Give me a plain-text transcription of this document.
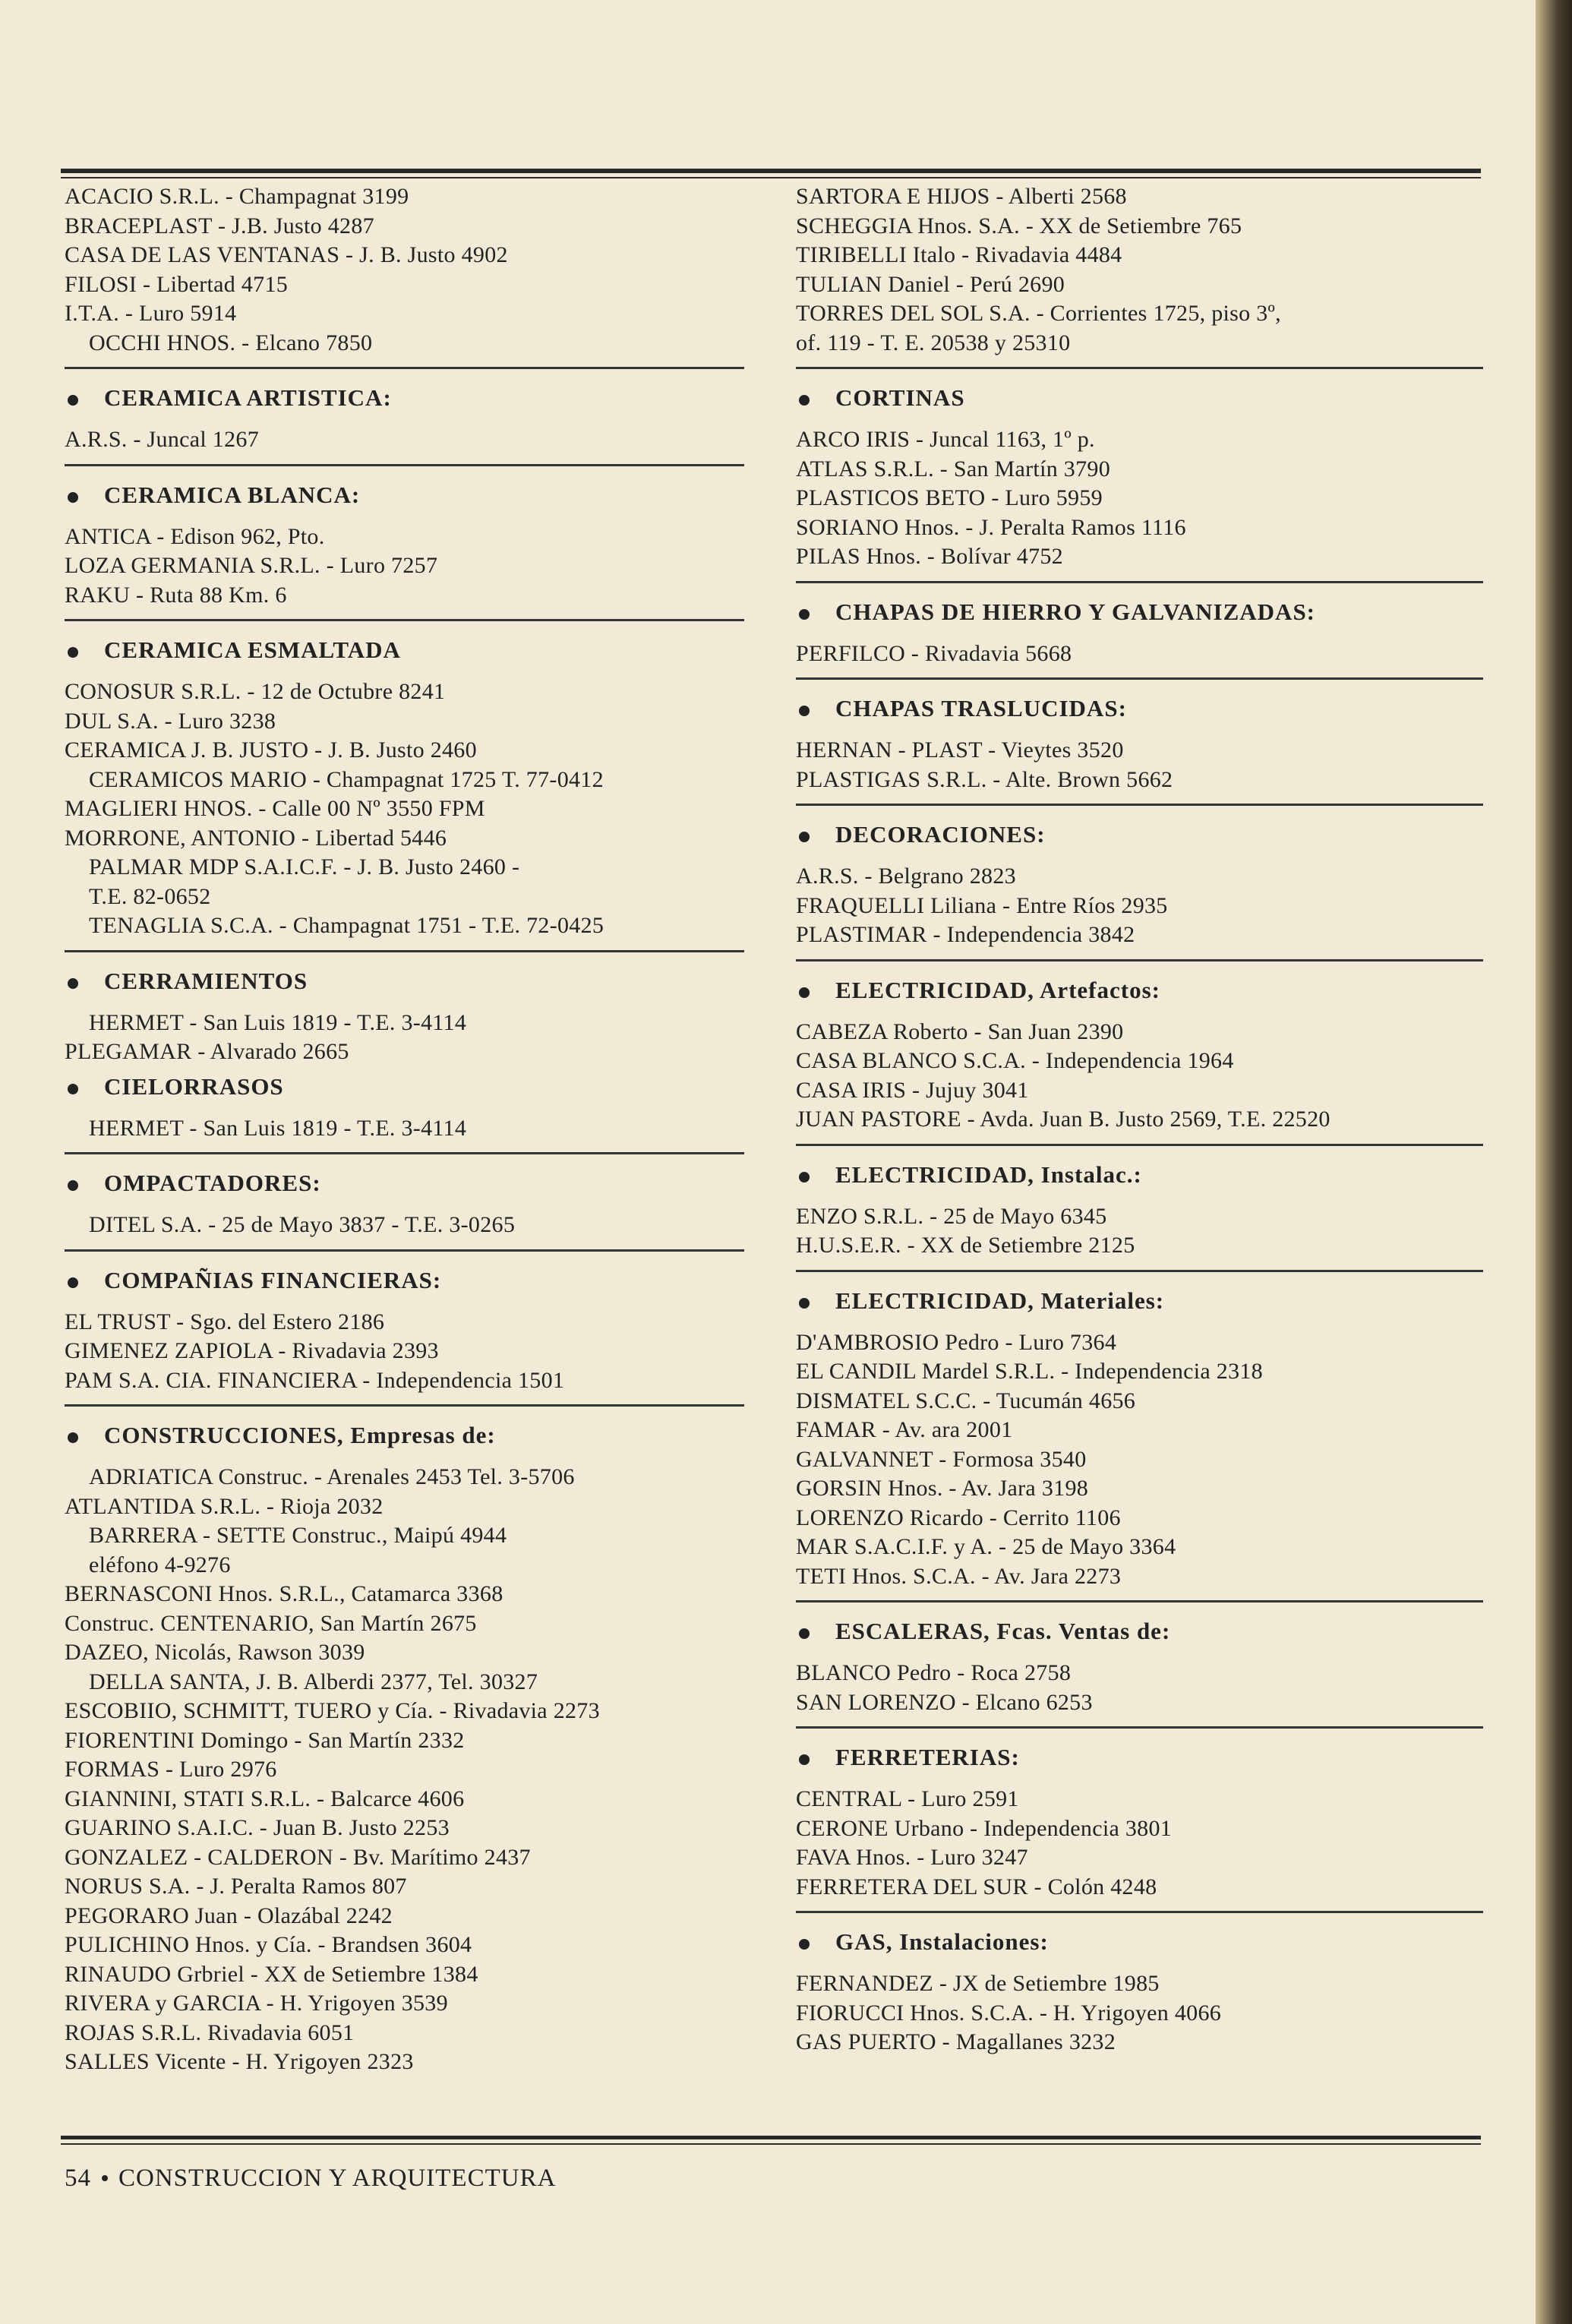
ACACIO S.R.L. - Champagnat 3199
BRACEPLAST - J.B. Justo 4287
CASA DE LAS VENTANAS - J. B. Justo 4902
FILOSI - Libertad 4715
I.T.A. - Luro 5914
OCCHI HNOS. - Elcano 7850
CERAMICA ARTISTICA:
A.R.S. - Juncal 1267
CERAMICA BLANCA:
ANTICA - Edison 962, Pto.
LOZA GERMANIA S.R.L. - Luro 7257
RAKU - Ruta 88 Km. 6
CERAMICA ESMALTADA
CONOSUR S.R.L. - 12 de Octubre 8241
DUL S.A. - Luro 3238
CERAMICA J. B. JUSTO - J. B. Justo 2460
CERAMICOS MARIO - Champagnat 1725 T. 77-0412
MAGLIERI HNOS. - Calle 00 Nº 3550 FPM
MORRONE, ANTONIO - Libertad 5446
PALMAR MDP S.A.I.C.F. - J. B. Justo 2460 -
T.E. 82-0652
TENAGLIA S.C.A. - Champagnat 1751 - T.E. 72-0425
CERRAMIENTOS
HERMET - San Luis 1819 - T.E. 3-4114
PLEGAMAR - Alvarado 2665
CIELORRASOS
HERMET - San Luis 1819 - T.E. 3-4114
OMPACTADORES:
DITEL S.A. - 25 de Mayo 3837 - T.E. 3-0265
COMPAÑIAS FINANCIERAS:
EL TRUST - Sgo. del Estero 2186
GIMENEZ ZAPIOLA - Rivadavia 2393
PAM S.A. CIA. FINANCIERA - Independencia 1501
CONSTRUCCIONES, Empresas de:
ADRIATICA Construc. - Arenales 2453 Tel. 3-5706
ATLANTIDA S.R.L. - Rioja 2032
BARRERA - SETTE Construc., Maipú 4944
eléfono 4-9276
BERNASCONI Hnos. S.R.L., Catamarca 3368
Construc. CENTENARIO, San Martín 2675
DAZEO, Nicolás, Rawson 3039
DELLA SANTA, J. B. Alberdi 2377, Tel. 30327
ESCOBIIO, SCHMITT, TUERO y Cía. - Rivadavia 2273
FIORENTINI Domingo - San Martín 2332
FORMAS - Luro 2976
GIANNINI, STATI S.R.L. - Balcarce 4606
GUARINO S.A.I.C. - Juan B. Justo 2253
GONZALEZ - CALDERON - Bv. Marítimo 2437
NORUS S.A. - J. Peralta Ramos 807
PEGORARO Juan - Olazábal 2242
PULICHINO Hnos. y Cía. - Brandsen 3604
RINAUDO Grbriel - XX de Setiembre 1384
RIVERA y GARCIA - H. Yrigoyen 3539
ROJAS S.R.L. Rivadavia 6051
SALLES Vicente - H. Yrigoyen 2323
SARTORA E HIJOS - Alberti 2568
SCHEGGIA Hnos. S.A. - XX de Setiembre 765
TIRIBELLI Italo - Rivadavia 4484
TULIAN Daniel - Perú 2690
TORRES DEL SOL S.A. - Corrientes 1725, piso 3º,
of. 119 - T. E. 20538 y 25310
CORTINAS
ARCO IRIS - Juncal 1163, 1º p.
ATLAS S.R.L. - San Martín 3790
PLASTICOS BETO - Luro 5959
SORIANO Hnos. - J. Peralta Ramos 1116
PILAS Hnos. - Bolívar 4752
CHAPAS DE HIERRO Y GALVANIZADAS:
PERFILCO - Rivadavia 5668
CHAPAS TRASLUCIDAS:
HERNAN - PLAST - Vieytes 3520
PLASTIGAS S.R.L. - Alte. Brown 5662
DECORACIONES:
A.R.S. - Belgrano 2823
FRAQUELLI Liliana - Entre Ríos 2935
PLASTIMAR - Independencia 3842
ELECTRICIDAD, Artefactos:
CABEZA Roberto - San Juan 2390
CASA BLANCO S.C.A. - Independencia 1964
CASA IRIS - Jujuy 3041
JUAN PASTORE - Avda. Juan B. Justo 2569, T.E. 22520
ELECTRICIDAD, Instalac.:
ENZO S.R.L. - 25 de Mayo 6345
H.U.S.E.R. - XX de Setiembre 2125
ELECTRICIDAD, Materiales:
D'AMBROSIO Pedro - Luro 7364
EL CANDIL Mardel S.R.L. - Independencia 2318
DISMATEL S.C.C. - Tucumán 4656
FAMAR - Av. ara 2001
GALVANNET - Formosa 3540
GORSIN Hnos. - Av. Jara 3198
LORENZO Ricardo - Cerrito 1106
MAR S.A.C.I.F. y A. - 25 de Mayo 3364
TETI Hnos. S.C.A. - Av. Jara 2273
ESCALERAS, Fcas. Ventas de:
BLANCO Pedro - Roca 2758
SAN LORENZO - Elcano 6253
FERRETERIAS:
CENTRAL - Luro 2591
CERONE Urbano - Independencia 3801
FAVA Hnos. - Luro 3247
FERRETERA DEL SUR - Colón 4248
GAS, Instalaciones:
FERNANDEZ - JX de Setiembre 1985
FIORUCCI Hnos. S.C.A. - H. Yrigoyen 4066
GAS PUERTO - Magallanes 3232
54 CONSTRUCCION Y ARQUITECTURA
